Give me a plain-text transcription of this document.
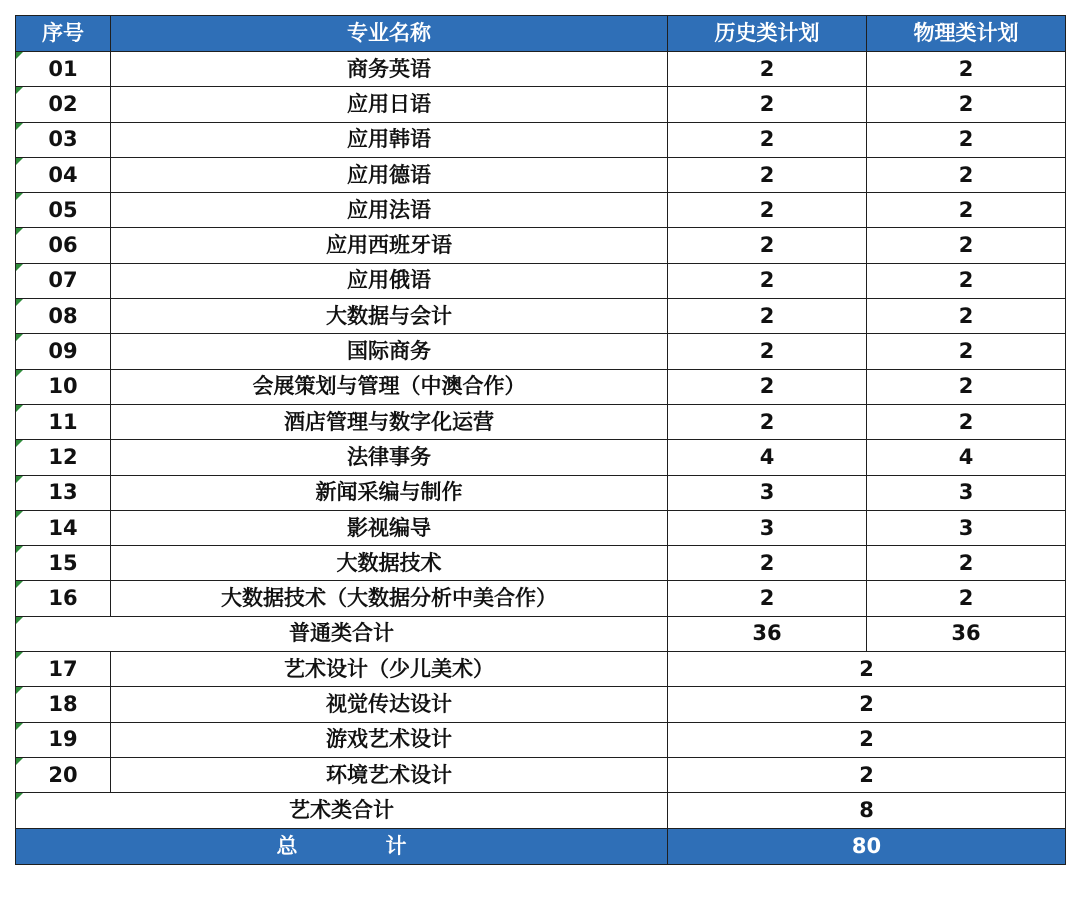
序号	专业名称	历史类计划	物理类计划
01	商务英语	2	2
02	应用日语	2	2
03	应用韩语	2	2
04	应用德语	2	2
05	应用法语	2	2
06	应用西班牙语	2	2
07	应用俄语	2	2
08	大数据与会计	2	2
09	国际商务	2	2
10	会展策划与管理（中澳合作）	2	2
11	酒店管理与数字化运营	2	2
12	法律事务	4	4
13	新闻采编与制作	3	3
14	影视编导	3	3
15	大数据技术	2	2
16	大数据技术（大数据分析中美合作）	2	2
普通类合计		36	36
17	艺术设计（少儿美术）	2	
18	视觉传达设计	2	
19	游戏艺术设计	2	
20	环境艺术设计	2	
艺术类合计		8	
总 计		80	
